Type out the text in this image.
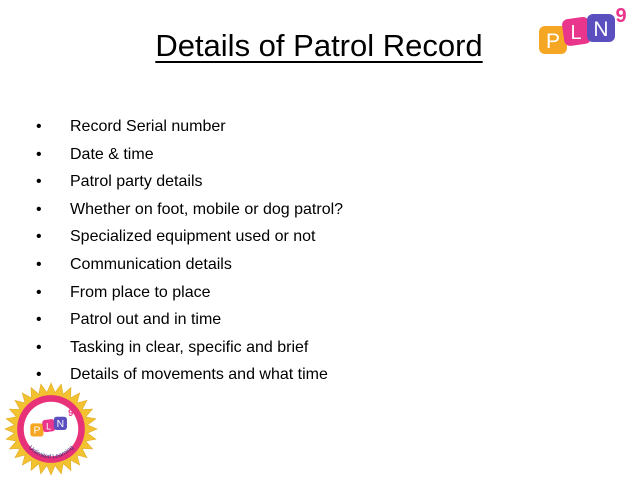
Details of Patrol Record	P L N
9
•	Record Serial number
•	Date & time
•	Patrol party details
•	Whether on foot, mobile or dog patrol?
•	Specialized equipment used or not
•	Communication details
•	From place to place
•	Patrol out and in time
•	Tasking in clear, specific and brief
•	Details of movements and what time
Unlimited Learning
P L N
9
